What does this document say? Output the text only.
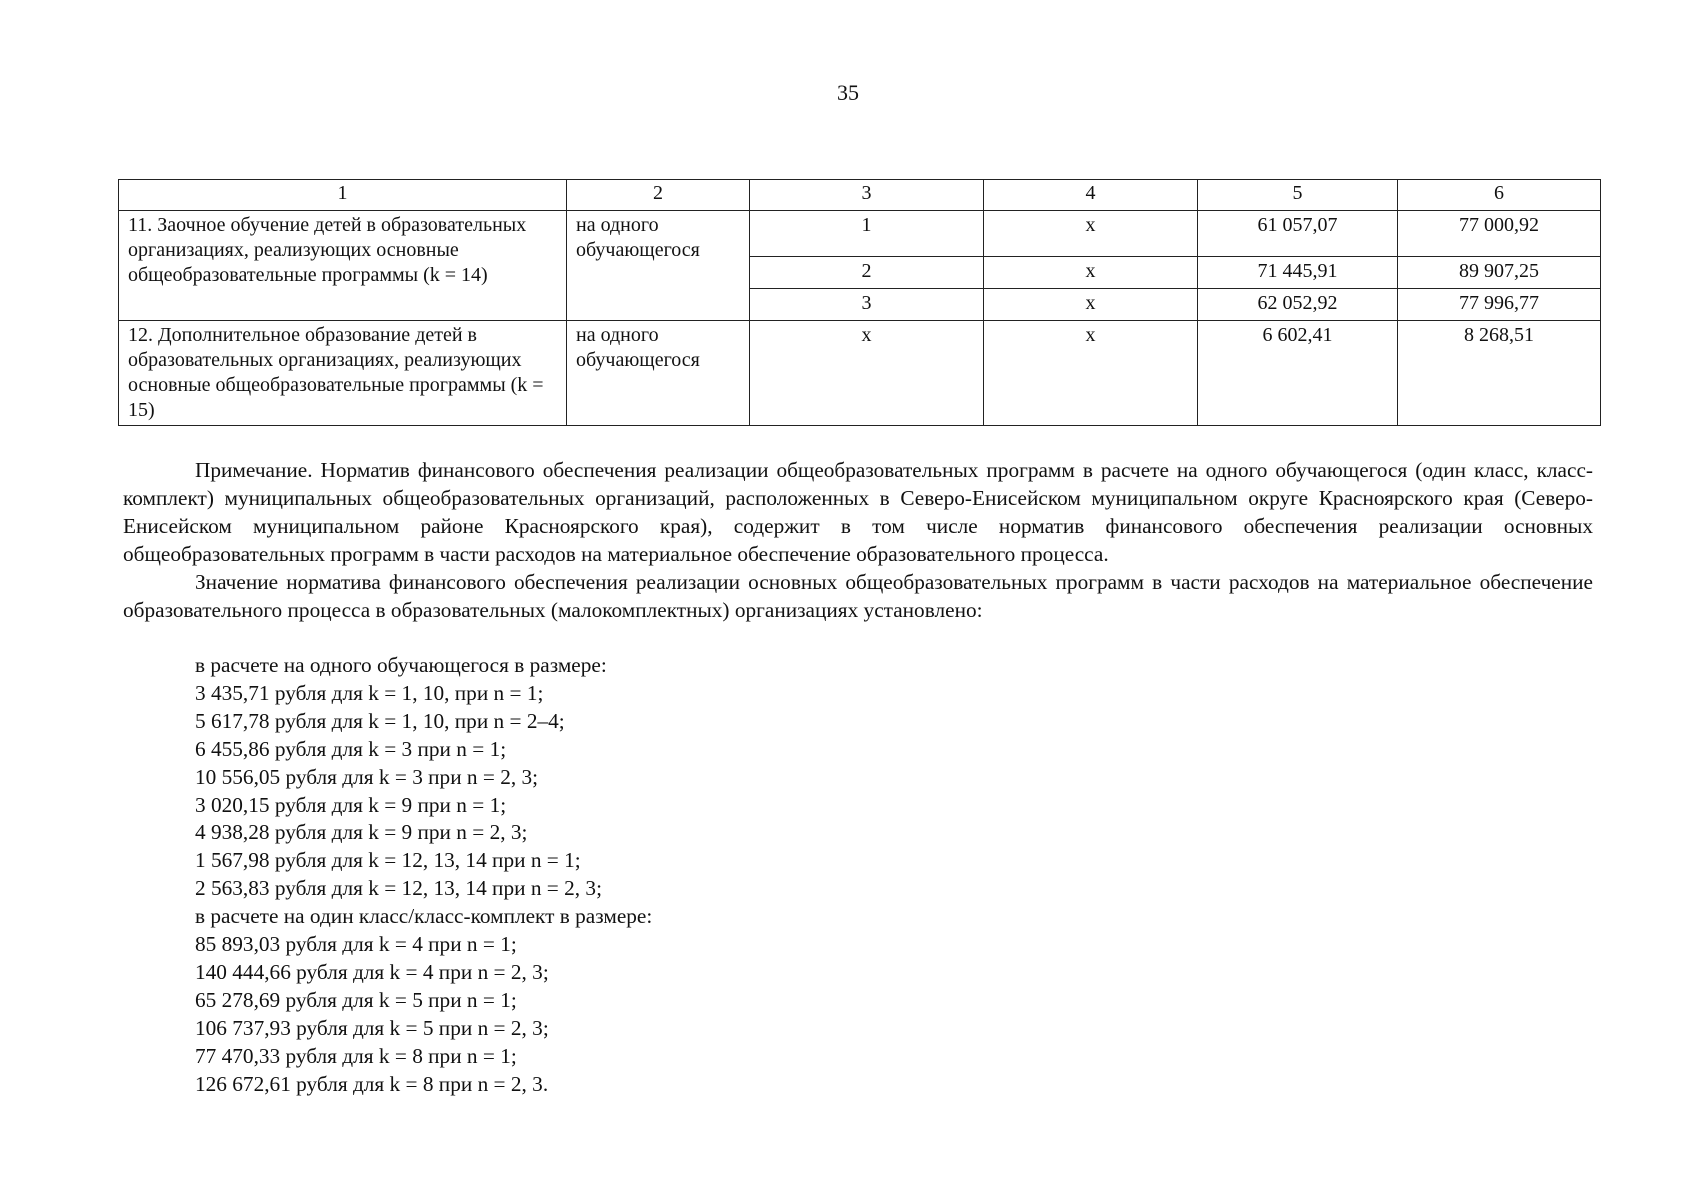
35
1	2	3	4	5	6
11. Заочное обучение детей в образовательных организациях, реализующих основные общеобразовательные программы (k = 14)	на одного обучающегося	1	х	61 057,07	77 000,92
		2	х	71 445,91	89 907,25
		3	х	62 052,92	77 996,77
12. Дополнительное образование детей в образовательных организациях, реализующих основные общеобразовательные программы (k = 15)	на одного обучающегося	х	х	6 602,41	8 268,51

Примечание. Норматив финансового обеспечения реализации общеобразовательных программ в расчете на одного обучающегося (один класс, класс-комплект) муниципальных общеобразовательных организаций, расположенных в Северо-Енисейском муниципальном округе Красноярского края (Северо-Енисейском муниципальном районе Красноярского края), содержит в том числе норматив финансового обеспечения реализации основных общеобразовательных программ в части расходов на материальное обеспечение образовательного процесса.

Значение норматива финансового обеспечения реализации основных общеобразовательных программ в части расходов на материальное обеспечение образовательного процесса в образовательных (малокомплектных) организациях установлено:

в расчете на одного обучающегося в размере:
3 435,71 рубля для k = 1, 10, при n = 1;
5 617,78 рубля для k = 1, 10, при n = 2–4;
6 455,86 рубля для k = 3 при n = 1;
10 556,05 рубля для k = 3 при n = 2, 3;
3 020,15 рубля для k = 9 при n = 1;
4 938,28 рубля для k = 9 при n = 2, 3;
1 567,98 рубля для k = 12, 13, 14 при n = 1;
2 563,83 рубля для k = 12, 13, 14 при n = 2, 3;
в расчете на один класс/класс-комплект в размере:
85 893,03 рубля для k = 4 при n = 1;
140 444,66 рубля для k = 4 при n = 2, 3;
65 278,69 рубля для k = 5 при n = 1;
106 737,93 рубля для k = 5 при n = 2, 3;
77 470,33 рубля для k = 8 при n = 1;
126 672,61 рубля для k = 8 при n = 2, 3.
